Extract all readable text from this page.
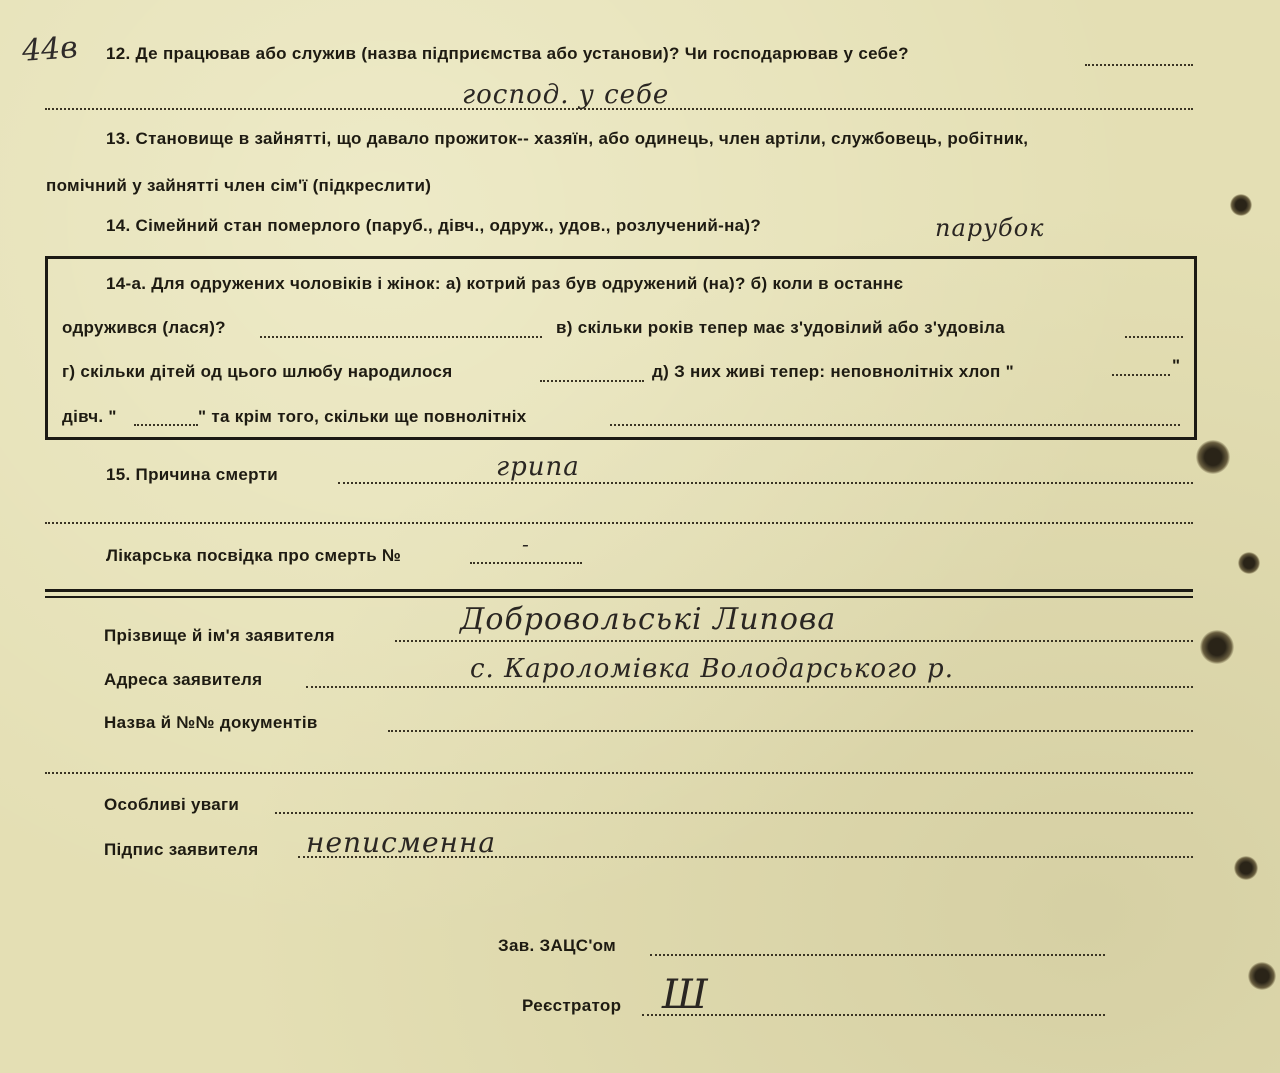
44в 12. Де працював або служив (назва підприємства або установи)? Чи господарював у себе?
господ. у себе
13. Становище в зайнятті, що давало прожиток-- хазяїн, або одинець, член артіли, службовець, робітник,
помічний у зайнятті член сім'ї (підкреслити)
14. Сімейний стан померлого (паруб., дівч., одруж., удов., розлучений-на)?	парубок
14-а. Для одружених чоловіків і жінок: а) котрий раз був одружений (на)? б) коли в останнє
одружився (лася)?	в) скільки років тепер має з'удовілий або з'удовіла
г) скільки дітей од цього шлюбу народилося	д) З них живі тепер: неповнолітніх хлоп "	"
дівч. "	" та крім того, скільки ще повнолітніх
15. Причина смерти	грипа
Лікарська посвідка про смерть №	-
Прізвище й ім'я заявителя	Добровольські Липова
Адреса заявителя	с. Кароломівка Володарського р.
Назва й №№ документів
Особливі уваги
Підпис заявителя неписменна
Зав. ЗАЦС'ом
Реєстратор Ш
